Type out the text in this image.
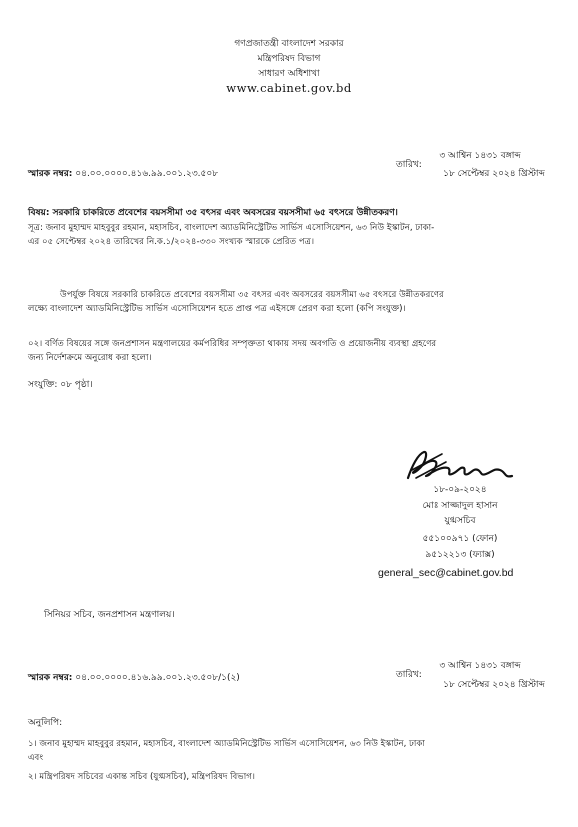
গণপ্রজাতন্ত্রী বাংলাদেশ সরকার
মন্ত্রিপরিষদ বিভাগ
সাধারণ অধিশাখা
www.cabinet.gov.bd
৩ আশ্বিন ১৪৩১ বঙ্গাব্দ
তারিখ:
১৮ সেপ্টেম্বর ২০২৪ খ্রিস্টাব্দ
স্মারক নম্বর: ০৪.০০.০০০০.৪১৬.৯৯.০০১.২৩.৫০৮
বিষয়: সরকারি চাকরিতে প্রবেশের বয়সসীমা ৩৫ বৎসর এবং অবসরের বয়সসীমা ৬৫ বৎসরে উন্নীতকরণ।
সূত্র: জনাব মুহাম্মদ মাহবুবুর রহমান, মহাসচিব, বাংলাদেশ অ্যাডমিনিস্ট্রেটিভ সার্ভিস এসোসিয়েশন, ৬৩ নিউ ইস্কাটন, ঢাকা-
এর ০৫ সেপ্টেম্বর ২০২৪ তারিখের নি.ক.১/২০২৪-৩৩০ সংখ্যক স্মারকে প্রেরিত পত্র।
উপর্যুক্ত বিষয়ে সরকারি চাকরিতে প্রবেশের বয়সসীমা ৩৫ বৎসর এবং অবসরের বয়সসীমা ৬৫ বৎসরে উন্নীতকরণের
লক্ষ্যে বাংলাদেশ অ্যাডমিনিস্ট্রেটিভ সার্ভিস এসোসিয়েশন হতে প্রাপ্ত পত্র এইসঙ্গে প্রেরণ করা হলো (কপি সংযুক্ত)।
০২। বর্ণিত বিষয়ের সঙ্গে জনপ্রশাসন মন্ত্রণালয়ের কর্মপরিধির সম্পৃক্ততা থাকায় সদয় অবগতি ও প্রয়োজনীয় ব্যবস্থা গ্রহণের
জন্য নির্দেশক্রমে অনুরোধ করা হলো।
সংযুক্তি: ০৮ পৃষ্ঠা।
১৮-০৯-২০২৪
মোঃ সাজ্জাদুল হাসান
যুগ্মসচিব
৫৫১০০৯৭১ (ফোন)
৯৫১২২১৩ (ফ্যাক্স)
general_sec@cabinet.gov.bd
সিনিয়র সচিব, জনপ্রশাসন মন্ত্রণালয়।
৩ আশ্বিন ১৪৩১ বঙ্গাব্দ
তারিখ:
১৮ সেপ্টেম্বর ২০২৪ খ্রিস্টাব্দ
স্মারক নম্বর: ০৪.০০.০০০০.৪১৬.৯৯.০০১.২৩.৫০৮/১(২)
অনুলিপি:
১। জনাব মুহাম্মদ মাহবুবুর রহমান, মহাসচিব, বাংলাদেশ অ্যাডমিনিস্ট্রেটিভ সার্ভিস এসোসিয়েশন, ৬৩ নিউ ইস্কাটন, ঢাকা
এবং
২। মন্ত্রিপরিষদ সচিবের একান্ত সচিব (যুগ্মসচিব), মন্ত্রিপরিষদ বিভাগ।
